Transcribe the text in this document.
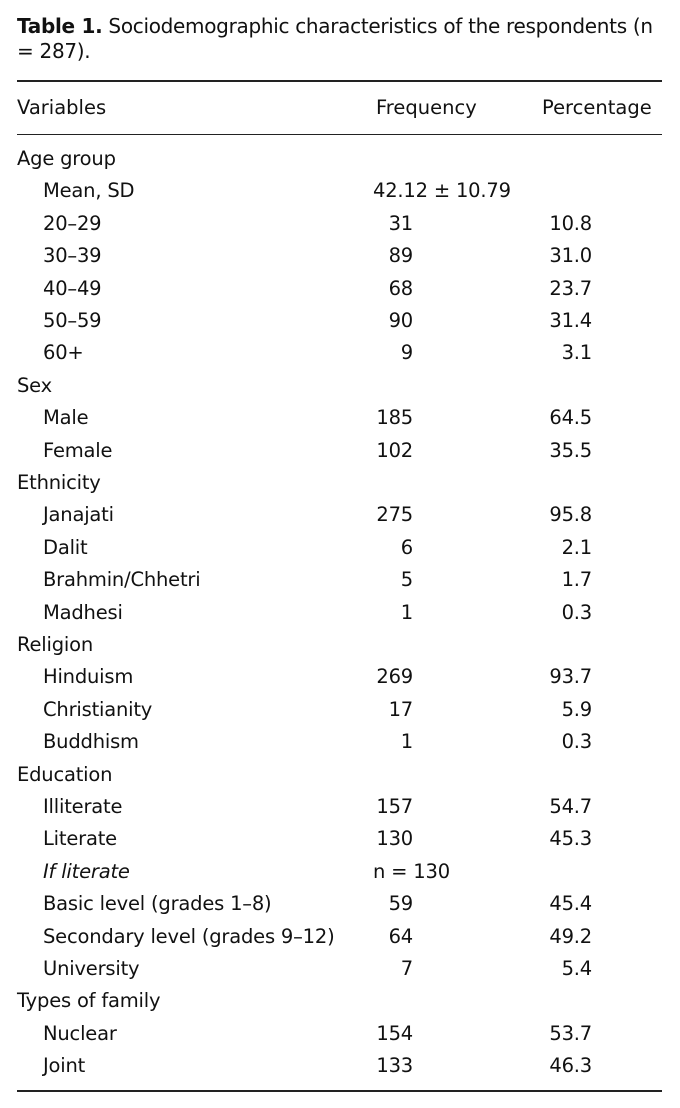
Table 1. Sociodemographic characteristics of the respondents (n = 287).
Variables	Frequency	Percentage
Age group
Mean, SD	42.12 ± 10.79
20–29	31	10.8
30–39	89	31.0
40–49	68	23.7
50–59	90	31.4
60+	9	3.1
Sex
Male	185	64.5
Female	102	35.5
Ethnicity
Janajati	275	95.8
Dalit	6	2.1
Brahmin/Chhetri	5	1.7
Madhesi	1	0.3
Religion
Hinduism	269	93.7
Christianity	17	5.9
Buddhism	1	0.3
Education
Illiterate	157	54.7
Literate	130	45.3
If literate	n = 130
Basic level (grades 1–8)	59	45.4
Secondary level (grades 9–12)	64	49.2
University	7	5.4
Types of family
Nuclear	154	53.7
Joint	133	46.3
